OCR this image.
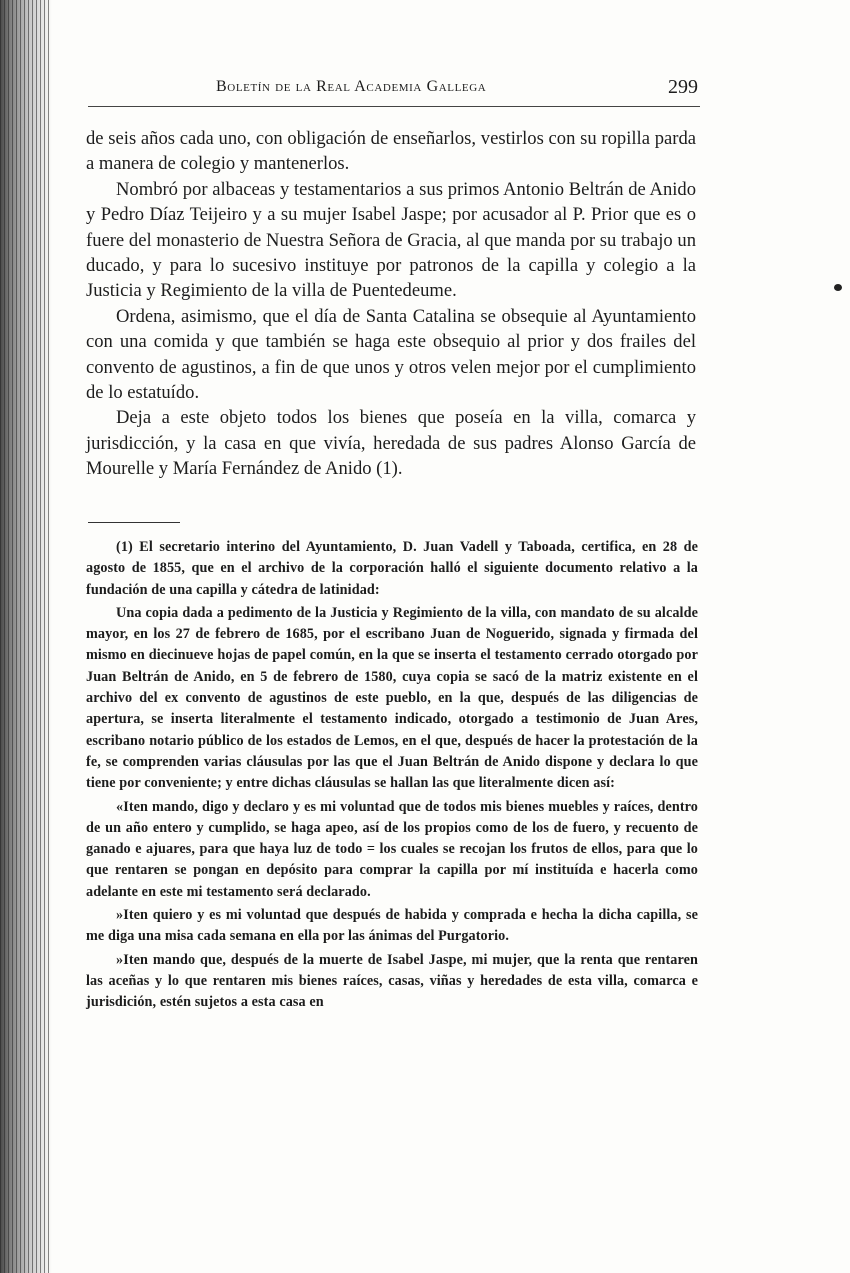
Boletín de la Real Academia Gallega	299

de seis años cada uno, con obligación de enseñarlos, vestirlos con su ropilla parda a manera de colegio y mantenerlos.

Nombró por albaceas y testamentarios a sus primos Antonio Beltrán de Anido y Pedro Díaz Teijeiro y a su mujer Isabel Jaspe; por acusador al P. Prior que es o fuere del monasterio de Nuestra Señora de Gracia, al que manda por su trabajo un ducado, y para lo sucesivo instituye por patronos de la capilla y colegio a la Justicia y Regimiento de la villa de Puentedeume.

Ordena, asimismo, que el día de Santa Catalina se obsequie al Ayuntamiento con una comida y que también se haga este obsequio al prior y dos frailes del convento de agustinos, a fin de que unos y otros velen mejor por el cumplimiento de lo estatuído.

Deja a este objeto todos los bienes que poseía en la villa, comarca y jurisdicción, y la casa en que vivía, heredada de sus padres Alonso García de Mourelle y María Fernández de Anido (1).

(1) El secretario interino del Ayuntamiento, D. Juan Vadell y Taboada, certifica, en 28 de agosto de 1855, que en el archivo de la corporación halló el siguiente documento relativo a la fundación de una capilla y cátedra de latinidad:

Una copia dada a pedimento de la Justicia y Regimiento de la villa, con mandato de su alcalde mayor, en los 27 de febrero de 1685, por el escribano Juan de Noguerido, signada y firmada del mismo en diecinueve hojas de papel común, en la que se inserta el testamento cerrado otorgado por Juan Beltrán de Anido, en 5 de febrero de 1580, cuya copia se sacó de la matriz existente en el archivo del ex convento de agustinos de este pueblo, en la que, después de las diligencias de apertura, se inserta literalmente el testamento indicado, otorgado a testimonio de Juan Ares, escribano notario público de los estados de Lemos, en el que, después de hacer la protestación de la fe, se comprenden varias cláusulas por las que el Juan Beltrán de Anido dispone y declara lo que tiene por conveniente; y entre dichas cláusulas se hallan las que literalmente dicen así:

«Iten mando, digo y declaro y es mi voluntad que de todos mis bienes muebles y raíces, dentro de un año entero y cumplido, se haga apeo, así de los propios como de los de fuero, y recuento de ganado e ajuares, para que haya luz de todo = los cuales se recojan los frutos de ellos, para que lo que rentaren se pongan en depósito para comprar la capilla por mí instituída e hacerla como adelante en este mi testamento será declarado.

»Iten quiero y es mi voluntad que después de habida y comprada e hecha la dicha capilla, se me diga una misa cada semana en ella por las ánimas del Purgatorio.

»Iten mando que, después de la muerte de Isabel Jaspe, mi mujer, que la renta que rentaren las aceñas y lo que rentaren mis bienes raíces, casas, viñas y heredades de esta villa, comarca e jurisdición, estén sujetos a esta casa en
